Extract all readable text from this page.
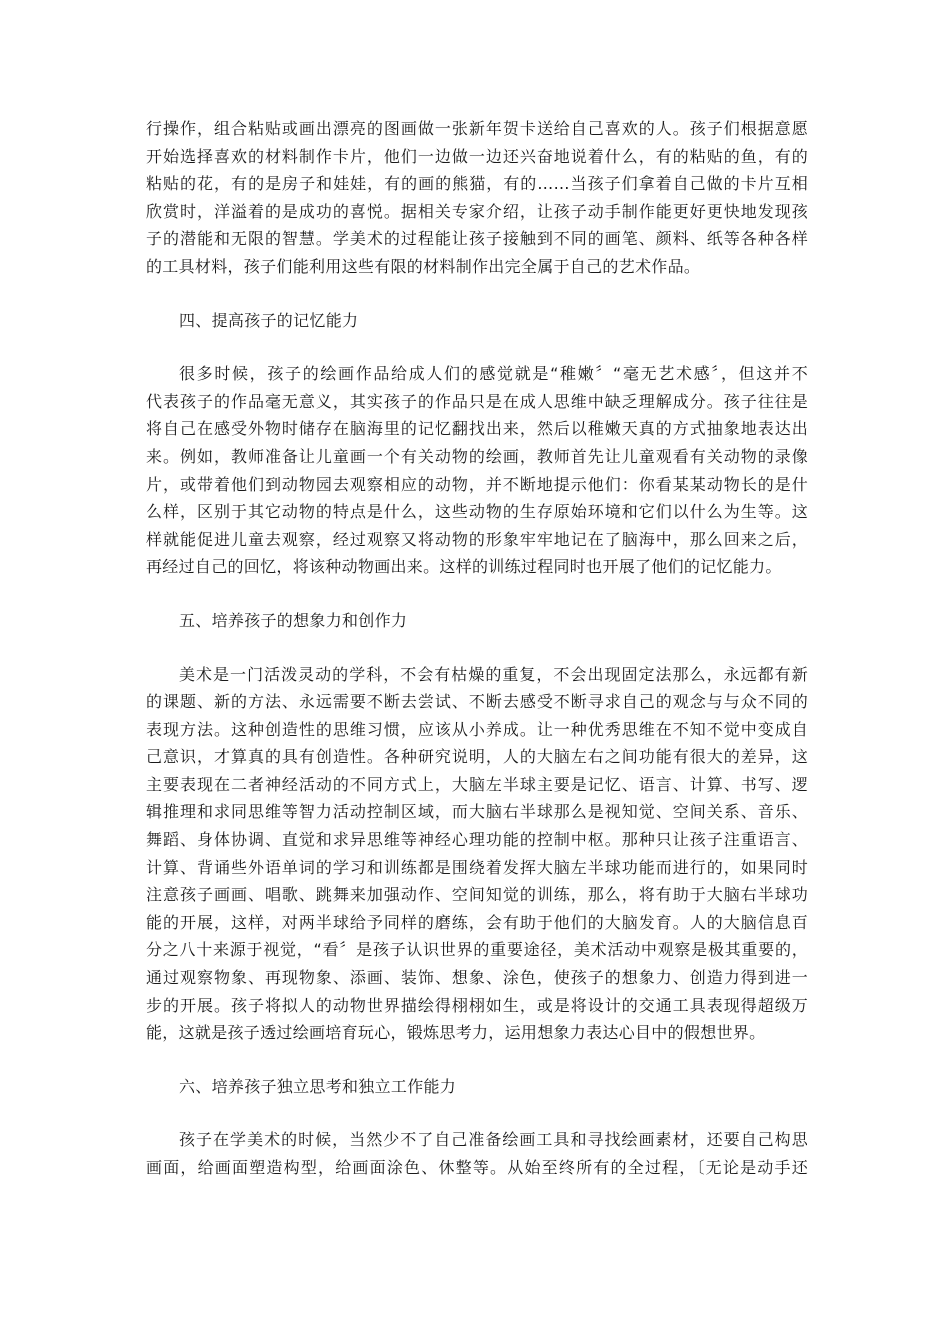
行操作，组合粘贴或画出漂亮的图画做一张新年贺卡送给自己喜欢的人。孩子们根据意愿
开始选择喜欢的材料制作卡片，他们一边做一边还兴奋地说着什么，有的粘贴的鱼，有的
粘贴的花，有的是房子和娃娃，有的画的熊猫，有的……当孩子们拿着自己做的卡片互相
欣赏时，洋溢着的是成功的喜悦。据相关专家介绍，让孩子动手制作能更好更快地发现孩
子的潜能和无限的智慧。学美术的过程能让孩子接触到不同的画笔、颜料、纸等各种各样
的工具材料，孩子们能利用这些有限的材料制作出完全属于自己的艺术作品。
四、提高孩子的记忆能力
很多时候，孩子的绘画作品给成人们的感觉就是“稚嫩〞“毫无艺术感〞，但这并不
代表孩子的作品毫无意义，其实孩子的作品只是在成人思维中缺乏理解成分。孩子往往是
将自己在感受外物时储存在脑海里的记忆翻找出来，然后以稚嫩天真的方式抽象地表达出
来。例如，教师准备让儿童画一个有关动物的绘画，教师首先让儿童观看有关动物的录像
片，或带着他们到动物园去观察相应的动物，并不断地提示他们：你看某某动物长的是什
么样，区别于其它动物的特点是什么，这些动物的生存原始环境和它们以什么为生等。这
样就能促进儿童去观察，经过观察又将动物的形象牢牢地记在了脑海中，那么回来之后，
再经过自己的回忆，将该种动物画出来。这样的训练过程同时也开展了他们的记忆能力。
五、培养孩子的想象力和创作力
美术是一门活泼灵动的学科，不会有枯燥的重复，不会出现固定法那么，永远都有新
的课题、新的方法、永远需要不断去尝试、不断去感受不断寻求自己的观念与与众不同的
表现方法。这种创造性的思维习惯，应该从小养成。让一种优秀思维在不知不觉中变成自
己意识，才算真的具有创造性。各种研究说明，人的大脑左右之间功能有很大的差异，这
主要表现在二者神经活动的不同方式上，大脑左半球主要是记忆、语言、计算、书写、逻
辑推理和求同思维等智力活动控制区域，而大脑右半球那么是视知觉、空间关系、音乐、
舞蹈、身体协调、直觉和求异思维等神经心理功能的控制中枢。那种只让孩子注重语言、
计算、背诵些外语单词的学习和训练都是围绕着发挥大脑左半球功能而进行的，如果同时
注意孩子画画、唱歌、跳舞来加强动作、空间知觉的训练，那么，将有助于大脑右半球功
能的开展，这样，对两半球给予同样的磨练，会有助于他们的大脑发育。人的大脑信息百
分之八十来源于视觉，“看〞是孩子认识世界的重要途径，美术活动中观察是极其重要的，
通过观察物象、再现物象、添画、装饰、想象、涂色，使孩子的想象力、创造力得到进一
步的开展。孩子将拟人的动物世界描绘得栩栩如生，或是将设计的交通工具表现得超级万
能，这就是孩子透过绘画培育玩心，锻炼思考力，运用想象力表达心目中的假想世界。
六、培养孩子独立思考和独立工作能力
孩子在学美术的时候，当然少不了自己准备绘画工具和寻找绘画素材，还要自己构思
画面，给画面塑造构型，给画面涂色、休整等。从始至终所有的全过程，〔无论是动手还
